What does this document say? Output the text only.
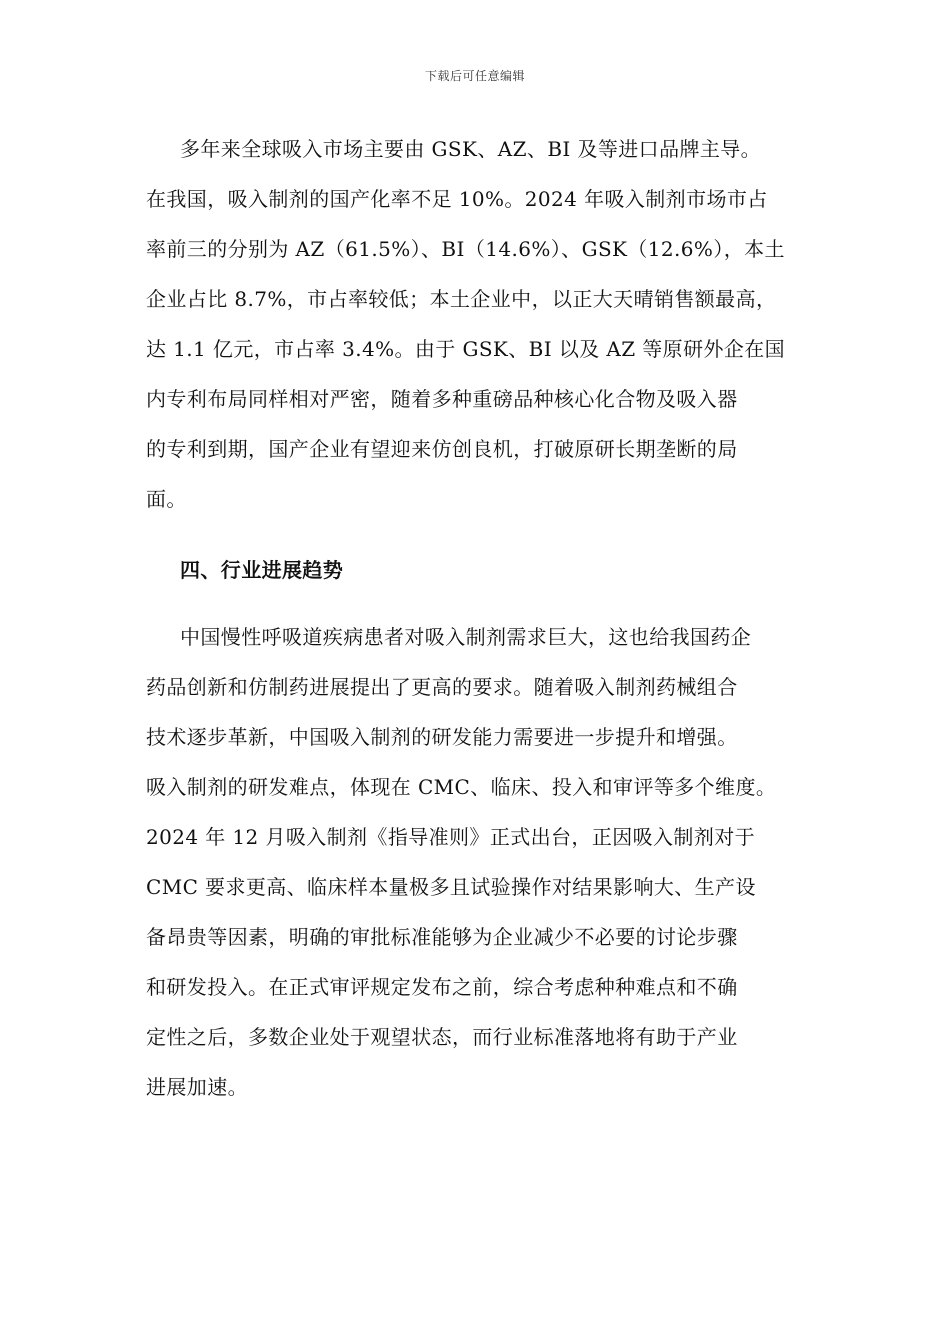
下载后可任意编辑
多年来全球吸入市场主要由 GSK、AZ、BI 及等进口品牌主导。
在我国，吸入制剂的国产化率不足 10%。2024 年吸入制剂市场市占
率前三的分别为 AZ（61.5%）、BI（14.6%）、GSK（12.6%），本土
企业占比 8.7%，市占率较低；本土企业中，以正大天晴销售额最高，
达 1.1 亿元，市占率 3.4%。由于 GSK、BI 以及 AZ 等原研外企在国
内专利布局同样相对严密，随着多种重磅品种核心化合物及吸入器
的专利到期，国产企业有望迎来仿创良机，打破原研长期垄断的局
面。
四、行业进展趋势
中国慢性呼吸道疾病患者对吸入制剂需求巨大，这也给我国药企
药品创新和仿制药进展提出了更高的要求。随着吸入制剂药械组合
技术逐步革新，中国吸入制剂的研发能力需要进一步提升和增强。
吸入制剂的研发难点，体现在 CMC、临床、投入和审评等多个维度。
2024 年 12 月吸入制剂《指导准则》正式出台，正因吸入制剂对于
CMC 要求更高、临床样本量极多且试验操作对结果影响大、生产设
备昂贵等因素，明确的审批标准能够为企业减少不必要的讨论步骤
和研发投入。在正式审评规定发布之前，综合考虑种种难点和不确
定性之后，多数企业处于观望状态，而行业标准落地将有助于产业
进展加速。
